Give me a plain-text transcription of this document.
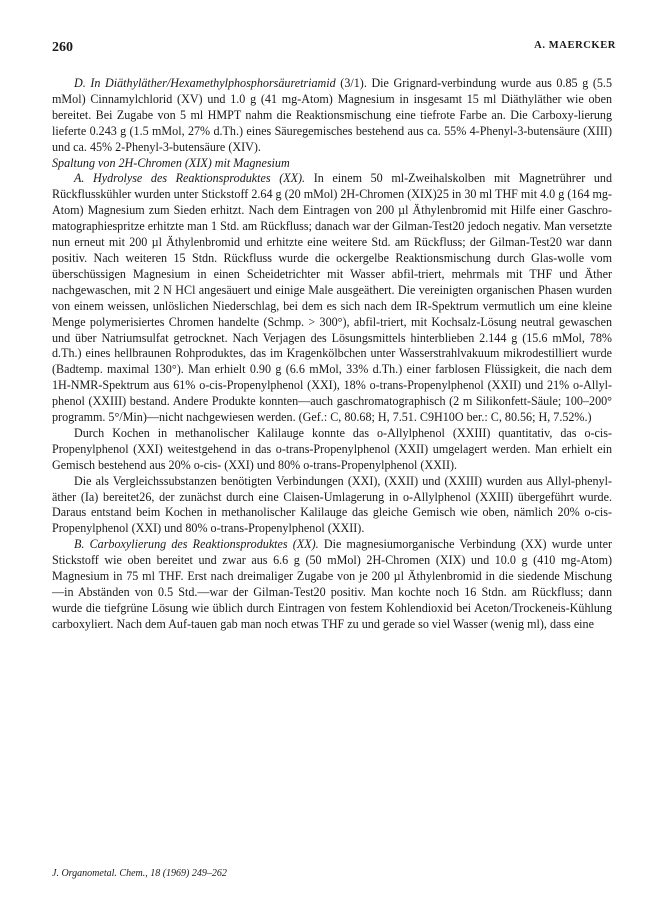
260	A. MAERCKER

D. In Diäthyläther/Hexamethylphosphorsäuretriamid (3/1). Die Grignard-verbindung wurde aus 0.85 g (5.5 mMol) Cinnamylchlorid (XV) und 1.0 g (41 mg-Atom) Magnesium in insgesamt 15 ml Diäthyläther wie oben bereitet. Bei Zugabe von 5 ml HMPT nahm die Reaktionsmischung eine tiefrote Farbe an. Die Carboxy-lierung lieferte 0.243 g (1.5 mMol, 27% d.Th.) eines Säuregemisches bestehend aus ca. 55% 4-Phenyl-3-butensäure (XIII) und ca. 45% 2-Phenyl-3-butensäure (XIV).

Spaltung von 2H-Chromen (XIX) mit Magnesium

A. Hydrolyse des Reaktionsproduktes (XX). In einem 50 ml-Zweihalskolben mit Magnetrührer und Rückflusskühler wurden unter Stickstoff 2.64 g (20 mMol) 2H-Chromen (XIX)25 in 30 ml THF mit 4.0 g (164 mg-Atom) Magnesium zum Sieden erhitzt. Nach dem Eintragen von 200 µl Äthylenbromid mit Hilfe einer Gaschro-matographiespritze erhitzte man 1 Std. am Rückfluss; danach war der Gilman-Test20 jedoch negativ. Man versetzte nun erneut mit 200 µl Äthylenbromid und erhitzte eine weitere Std. am Rückfluss; der Gilman-Test20 war dann positiv. Nach weiteren 15 Stdn. Rückfluss wurde die ockergelbe Reaktionsmischung durch Glas-wolle vom überschüssigen Magnesium in einen Scheidetrichter mit Wasser abfil-triert, mehrmals mit THF und Äther nachgewaschen, mit 2 N HCl angesäuert und einige Male ausgeäthert. Die vereinigten organischen Phasen wurden von einem weissen, unlöslichen Niederschlag, bei dem es sich nach dem IR-Spektrum vermutlich um eine kleine Menge polymerisiertes Chromen handelte (Schmp. > 300°), abfil-triert, mit Kochsalz-Lösung neutral gewaschen und über Natriumsulfat getrocknet. Nach Verjagen des Lösungsmittels hinterblieben 2.144 g (15.6 mMol, 78% d.Th.) eines hellbraunen Rohproduktes, das im Kragenkölbchen unter Wasserstrahlvakuum mikrodestilliert wurde (Badtemp. maximal 130°). Man erhielt 0.90 g (6.6 mMol, 33% d.Th.) einer farblosen Flüssigkeit, die nach dem 1H-NMR-Spektrum aus 61% o-cis-Propenylphenol (XXI), 18% o-trans-Propenylphenol (XXII) und 21% o-Allyl-phenol (XXIII) bestand. Andere Produkte konnten—auch gaschromatographisch (2 m Silikonfett-Säule; 100–200° programm. 5°/Min)—nicht nachgewiesen werden. (Gef.: C, 80.68; H, 7.51. C9H10O ber.: C, 80.56; H, 7.52%.)

Durch Kochen in methanolischer Kalilauge konnte das o-Allylphenol (XXIII) quantitativ, das o-cis-Propenylphenol (XXI) weitestgehend in das o-trans-Propenylphenol (XXII) umgelagert werden. Man erhielt ein Gemisch bestehend aus 20% o-cis- (XXI) und 80% o-trans-Propenylphenol (XXII).

Die als Vergleichssubstanzen benötigten Verbindungen (XXI), (XXII) und (XXIII) wurden aus Allyl-phenyl-äther (Ia) bereitet26, der zunächst durch eine Claisen-Umlagerung in o-Allylphenol (XXIII) übergeführt wurde. Daraus entstand beim Kochen in methanolischer Kalilauge das gleiche Gemisch wie oben, nämlich 20% o-cis-Propenylphenol (XXI) und 80% o-trans-Propenylphenol (XXII).

B. Carboxylierung des Reaktionsproduktes (XX). Die magnesiumorganische Verbindung (XX) wurde unter Stickstoff wie oben bereitet und zwar aus 6.6 g (50 mMol) 2H-Chromen (XIX) und 10.0 g (410 mg-Atom) Magnesium in 75 ml THF. Erst nach dreimaliger Zugabe von je 200 µl Äthylenbromid in die siedende Mischung —in Abständen von 0.5 Std.—war der Gilman-Test20 positiv. Man kochte noch 16 Stdn. am Rückfluss; dann wurde die tiefgrüne Lösung wie üblich durch Eintragen von festem Kohlendioxid bei Aceton/Trockeneis-Kühlung carboxyliert. Nach dem Auf-tauen gab man noch etwas THF zu und gerade so viel Wasser (wenig ml), dass eine

J. Organometal. Chem., 18 (1969) 249–262
